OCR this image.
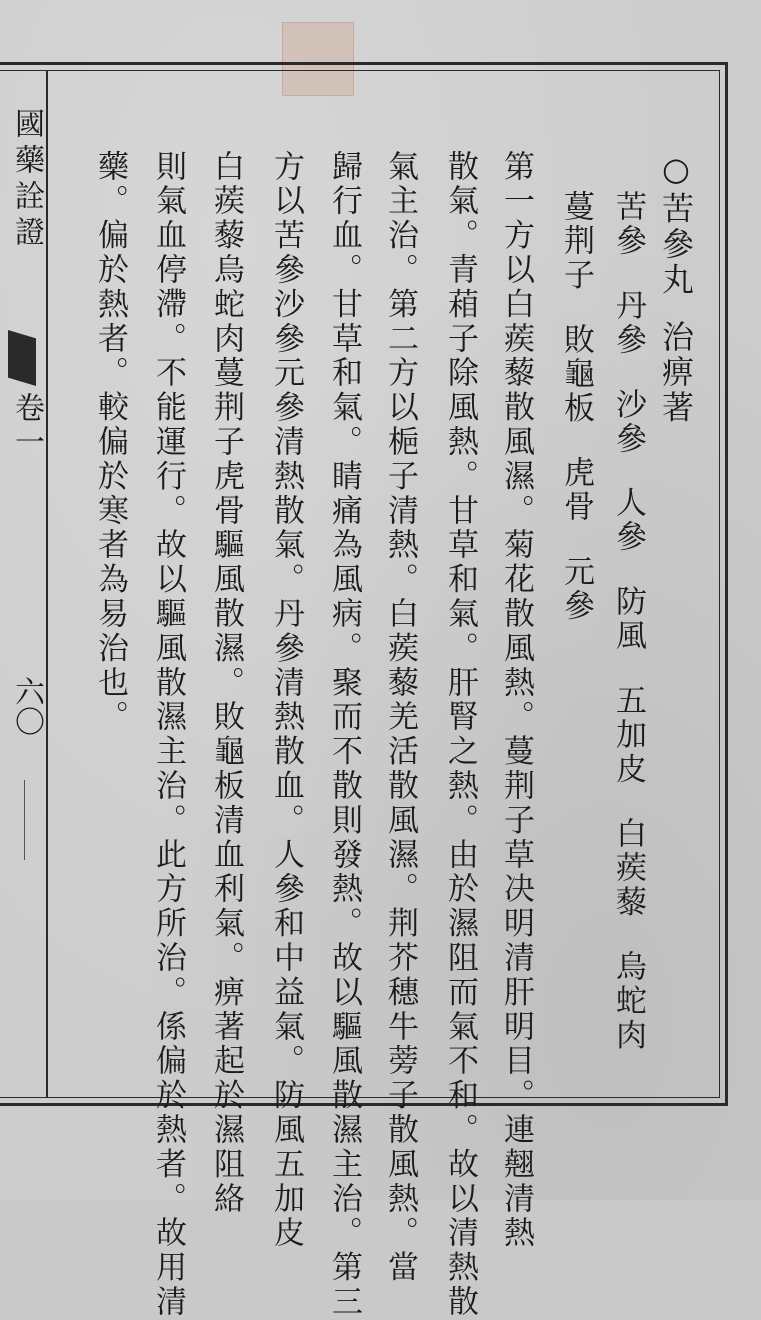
國藥詮證
卷一
六〇
○苦參丸治痹著
苦參丹參沙參人參防風五加皮白蒺藜烏蛇肉
蔓荆子敗龜板虎骨元參
第一方以白蒺藜散風濕。菊花散風熱。蔓荆子草决明清肝明目。連翹清熱
散氣。青葙子除風熱。甘草和氣。肝腎之熱。由於濕阻而氣不和。故以清熱散
氣主治。第二方以梔子清熱。白蒺藜羌活散風濕。荆芥穗牛蒡子散風熱。當
歸行血。甘草和氣。睛痛為風病。聚而不散則發熱。故以驅風散濕主治。第三
方以苦參沙參元參清熱散氣。丹參清熱散血。人參和中益氣。防風五加皮
白蒺藜烏蛇肉蔓荆子虎骨驅風散濕。敗龜板清血利氣。痹著起於濕阻絡
則氣血停滯。不能運行。故以驅風散濕主治。此方所治。係偏於熱者。故用清
藥。偏於熱者。較偏於寒者為易治也。
